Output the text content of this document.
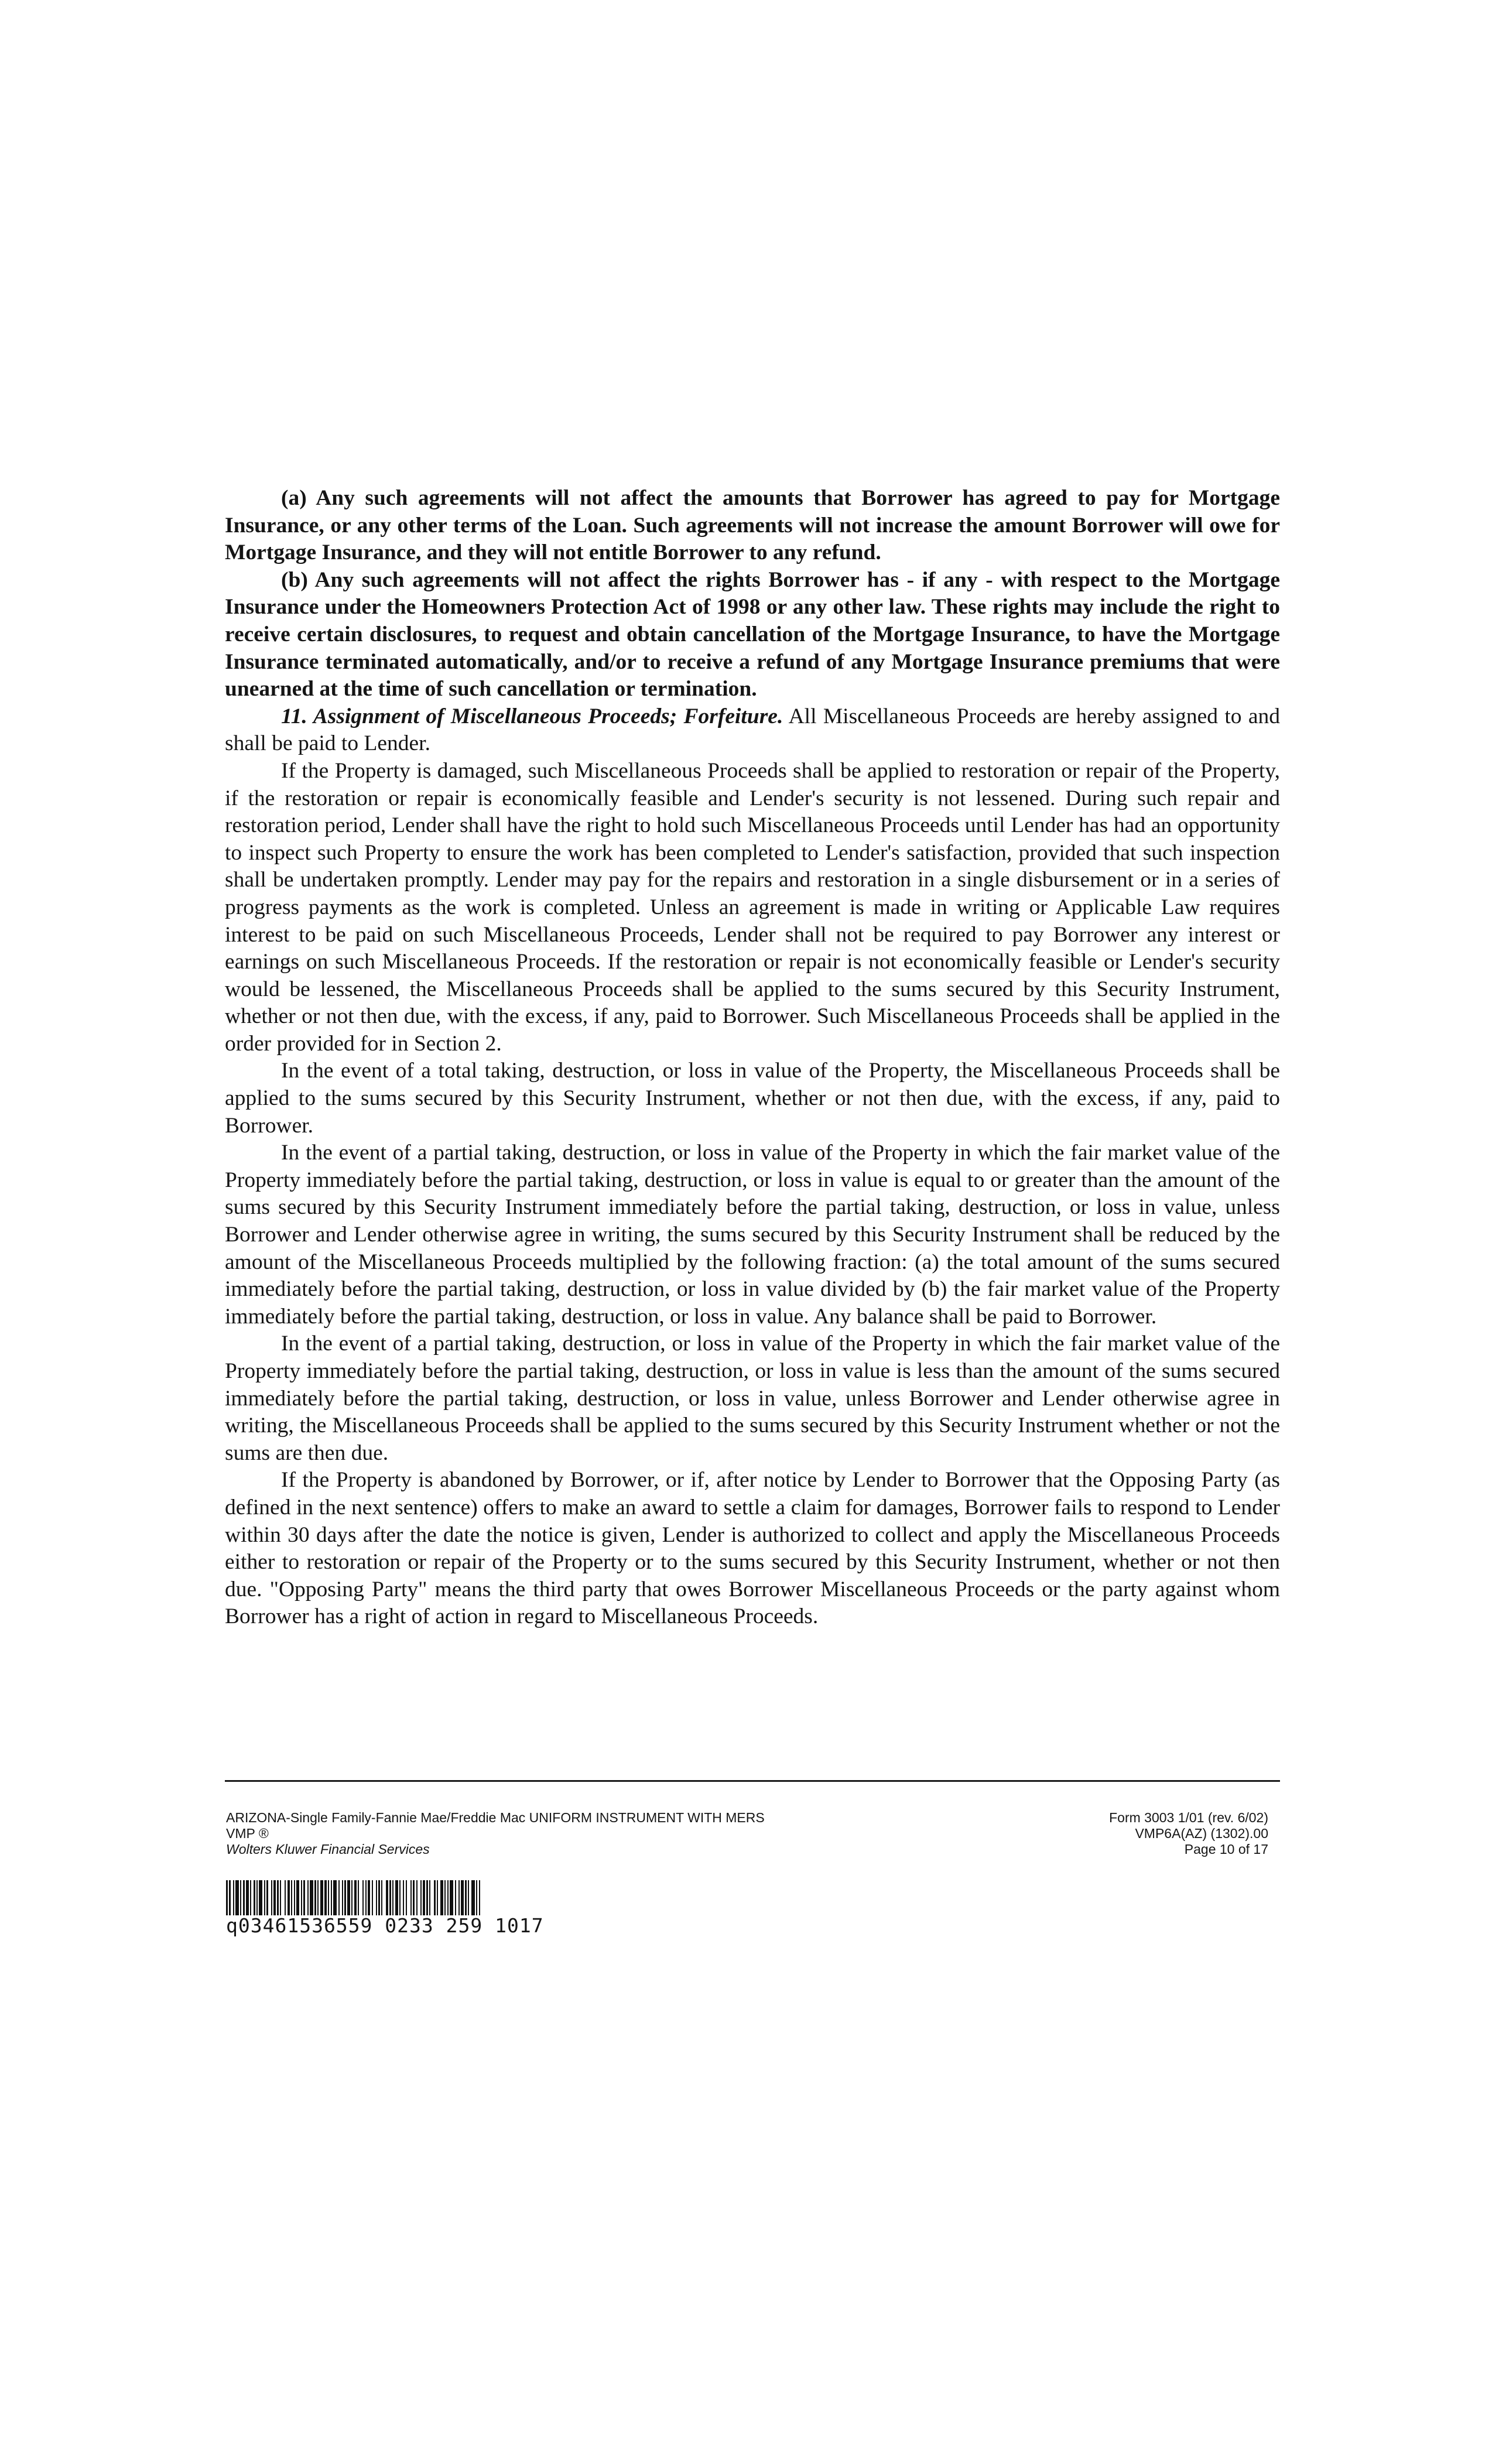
(a) Any such agreements will not affect the amounts that Borrower has agreed to pay for Mortgage Insurance, or any other terms of the Loan. Such agreements will not increase the amount Borrower will owe for Mortgage Insurance, and they will not entitle Borrower to any refund.

(b) Any such agreements will not affect the rights Borrower has - if any - with respect to the Mortgage Insurance under the Homeowners Protection Act of 1998 or any other law. These rights may include the right to receive certain disclosures, to request and obtain cancellation of the Mortgage Insurance, to have the Mortgage Insurance terminated automatically, and/or to receive a refund of any Mortgage Insurance premiums that were unearned at the time of such cancellation or termination.

11. Assignment of Miscellaneous Proceeds; Forfeiture. All Miscellaneous Proceeds are hereby assigned to and shall be paid to Lender.

If the Property is damaged, such Miscellaneous Proceeds shall be applied to restoration or repair of the Property, if the restoration or repair is economically feasible and Lender's security is not lessened. During such repair and restoration period, Lender shall have the right to hold such Miscellaneous Proceeds until Lender has had an opportunity to inspect such Property to ensure the work has been completed to Lender's satisfaction, provided that such inspection shall be undertaken promptly. Lender may pay for the repairs and restoration in a single disbursement or in a series of progress payments as the work is completed. Unless an agreement is made in writing or Applicable Law requires interest to be paid on such Miscellaneous Proceeds, Lender shall not be required to pay Borrower any interest or earnings on such Miscellaneous Proceeds. If the restoration or repair is not economically feasible or Lender's security would be lessened, the Miscellaneous Proceeds shall be applied to the sums secured by this Security Instrument, whether or not then due, with the excess, if any, paid to Borrower. Such Miscellaneous Proceeds shall be applied in the order provided for in Section 2.

In the event of a total taking, destruction, or loss in value of the Property, the Miscellaneous Proceeds shall be applied to the sums secured by this Security Instrument, whether or not then due, with the excess, if any, paid to Borrower.

In the event of a partial taking, destruction, or loss in value of the Property in which the fair market value of the Property immediately before the partial taking, destruction, or loss in value is equal to or greater than the amount of the sums secured by this Security Instrument immediately before the partial taking, destruction, or loss in value, unless Borrower and Lender otherwise agree in writing, the sums secured by this Security Instrument shall be reduced by the amount of the Miscellaneous Proceeds multiplied by the following fraction: (a) the total amount of the sums secured immediately before the partial taking, destruction, or loss in value divided by (b) the fair market value of the Property immediately before the partial taking, destruction, or loss in value. Any balance shall be paid to Borrower.

In the event of a partial taking, destruction, or loss in value of the Property in which the fair market value of the Property immediately before the partial taking, destruction, or loss in value is less than the amount of the sums secured immediately before the partial taking, destruction, or loss in value, unless Borrower and Lender otherwise agree in writing, the Miscellaneous Proceeds shall be applied to the sums secured by this Security Instrument whether or not the sums are then due.

If the Property is abandoned by Borrower, or if, after notice by Lender to Borrower that the Opposing Party (as defined in the next sentence) offers to make an award to settle a claim for damages, Borrower fails to respond to Lender within 30 days after the date the notice is given, Lender is authorized to collect and apply the Miscellaneous Proceeds either to restoration or repair of the Property or to the sums secured by this Security Instrument, whether or not then due. "Opposing Party" means the third party that owes Borrower Miscellaneous Proceeds or the party against whom Borrower has a right of action in regard to Miscellaneous Proceeds.

ARIZONA-Single Family-Fannie Mae/Freddie Mac UNIFORM INSTRUMENT WITH MERS
VMP ®
Wolters Kluwer Financial Services
Form 3003 1/01 (rev. 6/02)
VMP6A(AZ) (1302).00
Page 10 of 17
q03461536559 0233 259 1017
